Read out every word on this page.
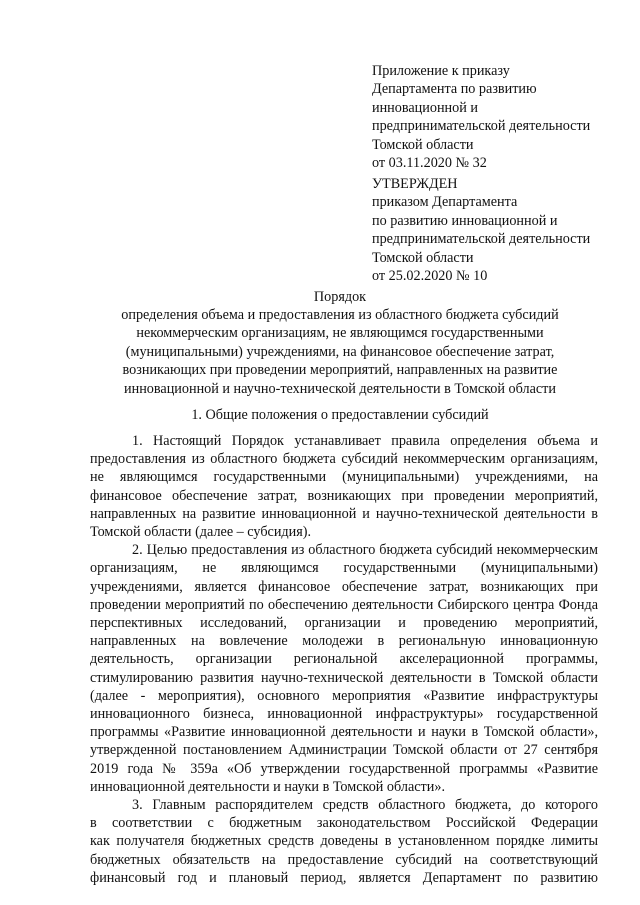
Приложение к приказу
Департамента по развитию
инновационной и
предпринимательской деятельности
Томской области
от 03.11.2020 № 32
УТВЕРЖДЕН
приказом Департамента
по развитию инновационной и
предпринимательской деятельности
Томской области
от 25.02.2020 № 10
Порядок
определения объема и предоставления из областного бюджета субсидий
некоммерческим организациям, не являющимся государственными
(муниципальными) учреждениями, на финансовое обеспечение затрат,
возникающих при проведении мероприятий, направленных на развитие
инновационной и научно-технической деятельности в Томской области
1. Общие положения о предоставлении субсидий

1. Настоящий Порядок устанавливает правила определения объема и
предоставления из областного бюджета субсидий некоммерческим организациям,
не являющимся государственными (муниципальными) учреждениями, на
финансовое обеспечение затрат, возникающих при проведении мероприятий,
направленных на развитие инновационной и научно-технической деятельности в
Томской области (далее – субсидия).

2. Целью предоставления из областного бюджета субсидий некоммерческим
организациям, не являющимся государственными (муниципальными)
учреждениями, является финансовое обеспечение затрат, возникающих при
проведении мероприятий по обеспечению деятельности Сибирского центра Фонда
перспективных исследований, организации и проведению мероприятий,
направленных на вовлечение молодежи в региональную инновационную
деятельность, организации региональной акселерационной программы,
стимулированию развития научно-технической деятельности в Томской области
(далее - мероприятия), основного мероприятия «Развитие инфраструктуры
инновационного бизнеса, инновационной инфраструктуры» государственной
программы «Развитие инновационной деятельности и науки в Томской области»,
утвержденной постановлением Администрации Томской области от 27 сентября
2019 года № 359а «Об утверждении государственной программы «Развитие
инновационной деятельности и науки в Томской области».

3. Главным распорядителем средств областного бюджета, до которого
в соответствии с бюджетным законодательством Российской Федерации
как получателя бюджетных средств доведены в установленном порядке лимиты
бюджетных обязательств на предоставление субсидий на соответствующий
финансовый год и плановый период, является Департамент по развитию
